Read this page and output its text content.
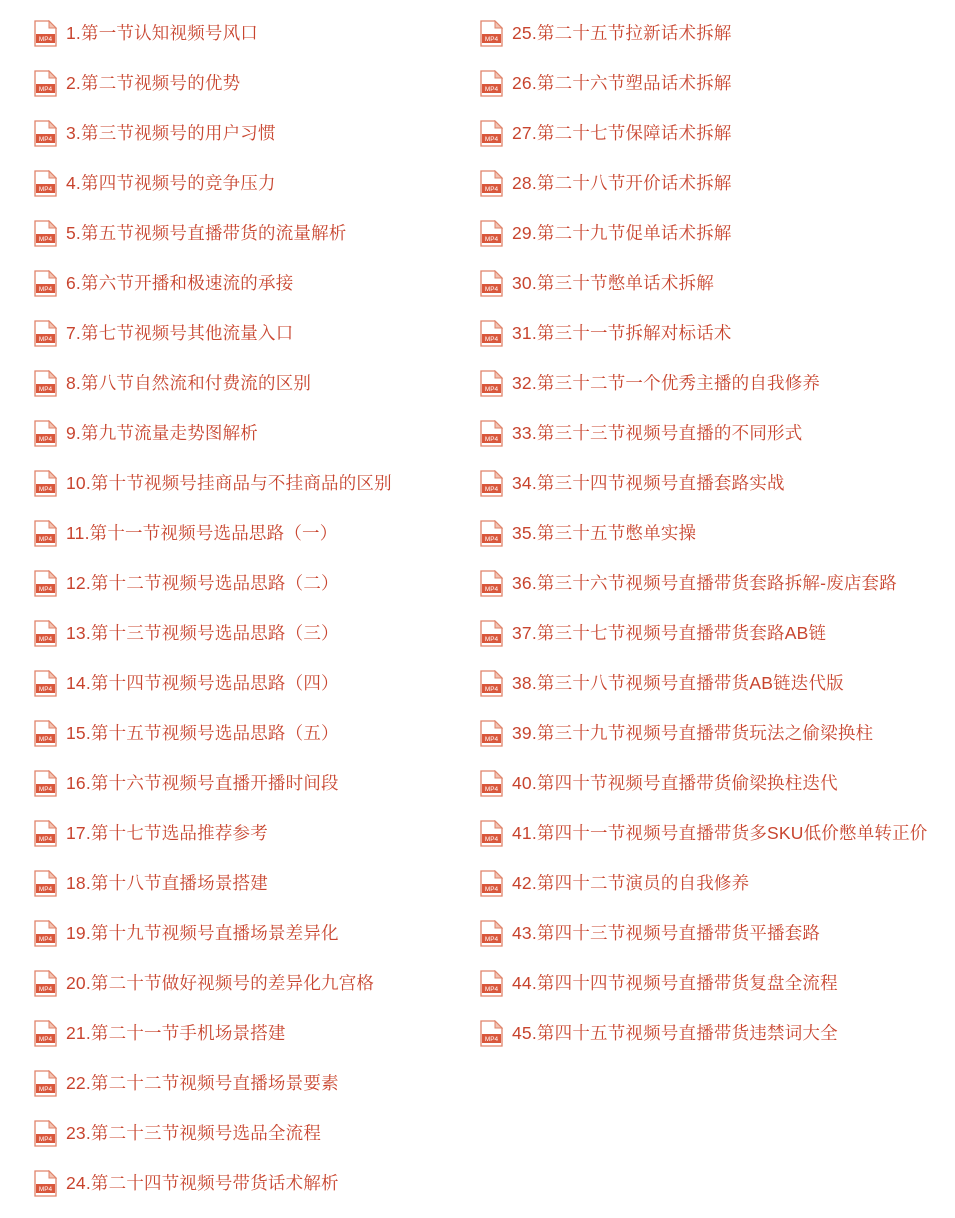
MP4 1.第一节认知视频号风口
MP4 2.第二节视频号的优势
MP4 3.第三节视频号的用户习惯
MP4 4.第四节视频号的竞争压力
MP4 5.第五节视频号直播带货的流量解析
MP4 6.第六节开播和极速流的承接
MP4 7.第七节视频号其他流量入口
MP4 8.第八节自然流和付费流的区别
MP4 9.第九节流量走势图解析
MP4 10.第十节视频号挂商品与不挂商品的区别
MP4 11.第十一节视频号选品思路（一）
MP4 12.第十二节视频号选品思路（二）
MP4 13.第十三节视频号选品思路（三）
MP4 14.第十四节视频号选品思路（四）
MP4 15.第十五节视频号选品思路（五）
MP4 16.第十六节视频号直播开播时间段
MP4 17.第十七节选品推荐参考
MP4 18.第十八节直播场景搭建
MP4 19.第十九节视频号直播场景差异化
MP4 20.第二十节做好视频号的差异化九宫格
MP4 21.第二十一节手机场景搭建
MP4 22.第二十二节视频号直播场景要素
MP4 23.第二十三节视频号选品全流程
MP4 24.第二十四节视频号带货话术解析
MP4 25.第二十五节拉新话术拆解
MP4 26.第二十六节塑品话术拆解
MP4 27.第二十七节保障话术拆解
MP4 28.第二十八节开价话术拆解
MP4 29.第二十九节促单话术拆解
MP4 30.第三十节憋单话术拆解
MP4 31.第三十一节拆解对标话术
MP4 32.第三十二节一个优秀主播的自我修养
MP4 33.第三十三节视频号直播的不同形式
MP4 34.第三十四节视频号直播套路实战
MP4 35.第三十五节憋单实操
MP4 36.第三十六节视频号直播带货套路拆解-废店套路
MP4 37.第三十七节视频号直播带货套路AB链
MP4 38.第三十八节视频号直播带货AB链迭代版
MP4 39.第三十九节视频号直播带货玩法之偷梁换柱
MP4 40.第四十节视频号直播带货偷梁换柱迭代
MP4 41.第四十一节视频号直播带货多SKU低价憋单转正价
MP4 42.第四十二节演员的自我修养
MP4 43.第四十三节视频号直播带货平播套路
MP4 44.第四十四节视频号直播带货复盘全流程
MP4 45.第四十五节视频号直播带货违禁词大全
